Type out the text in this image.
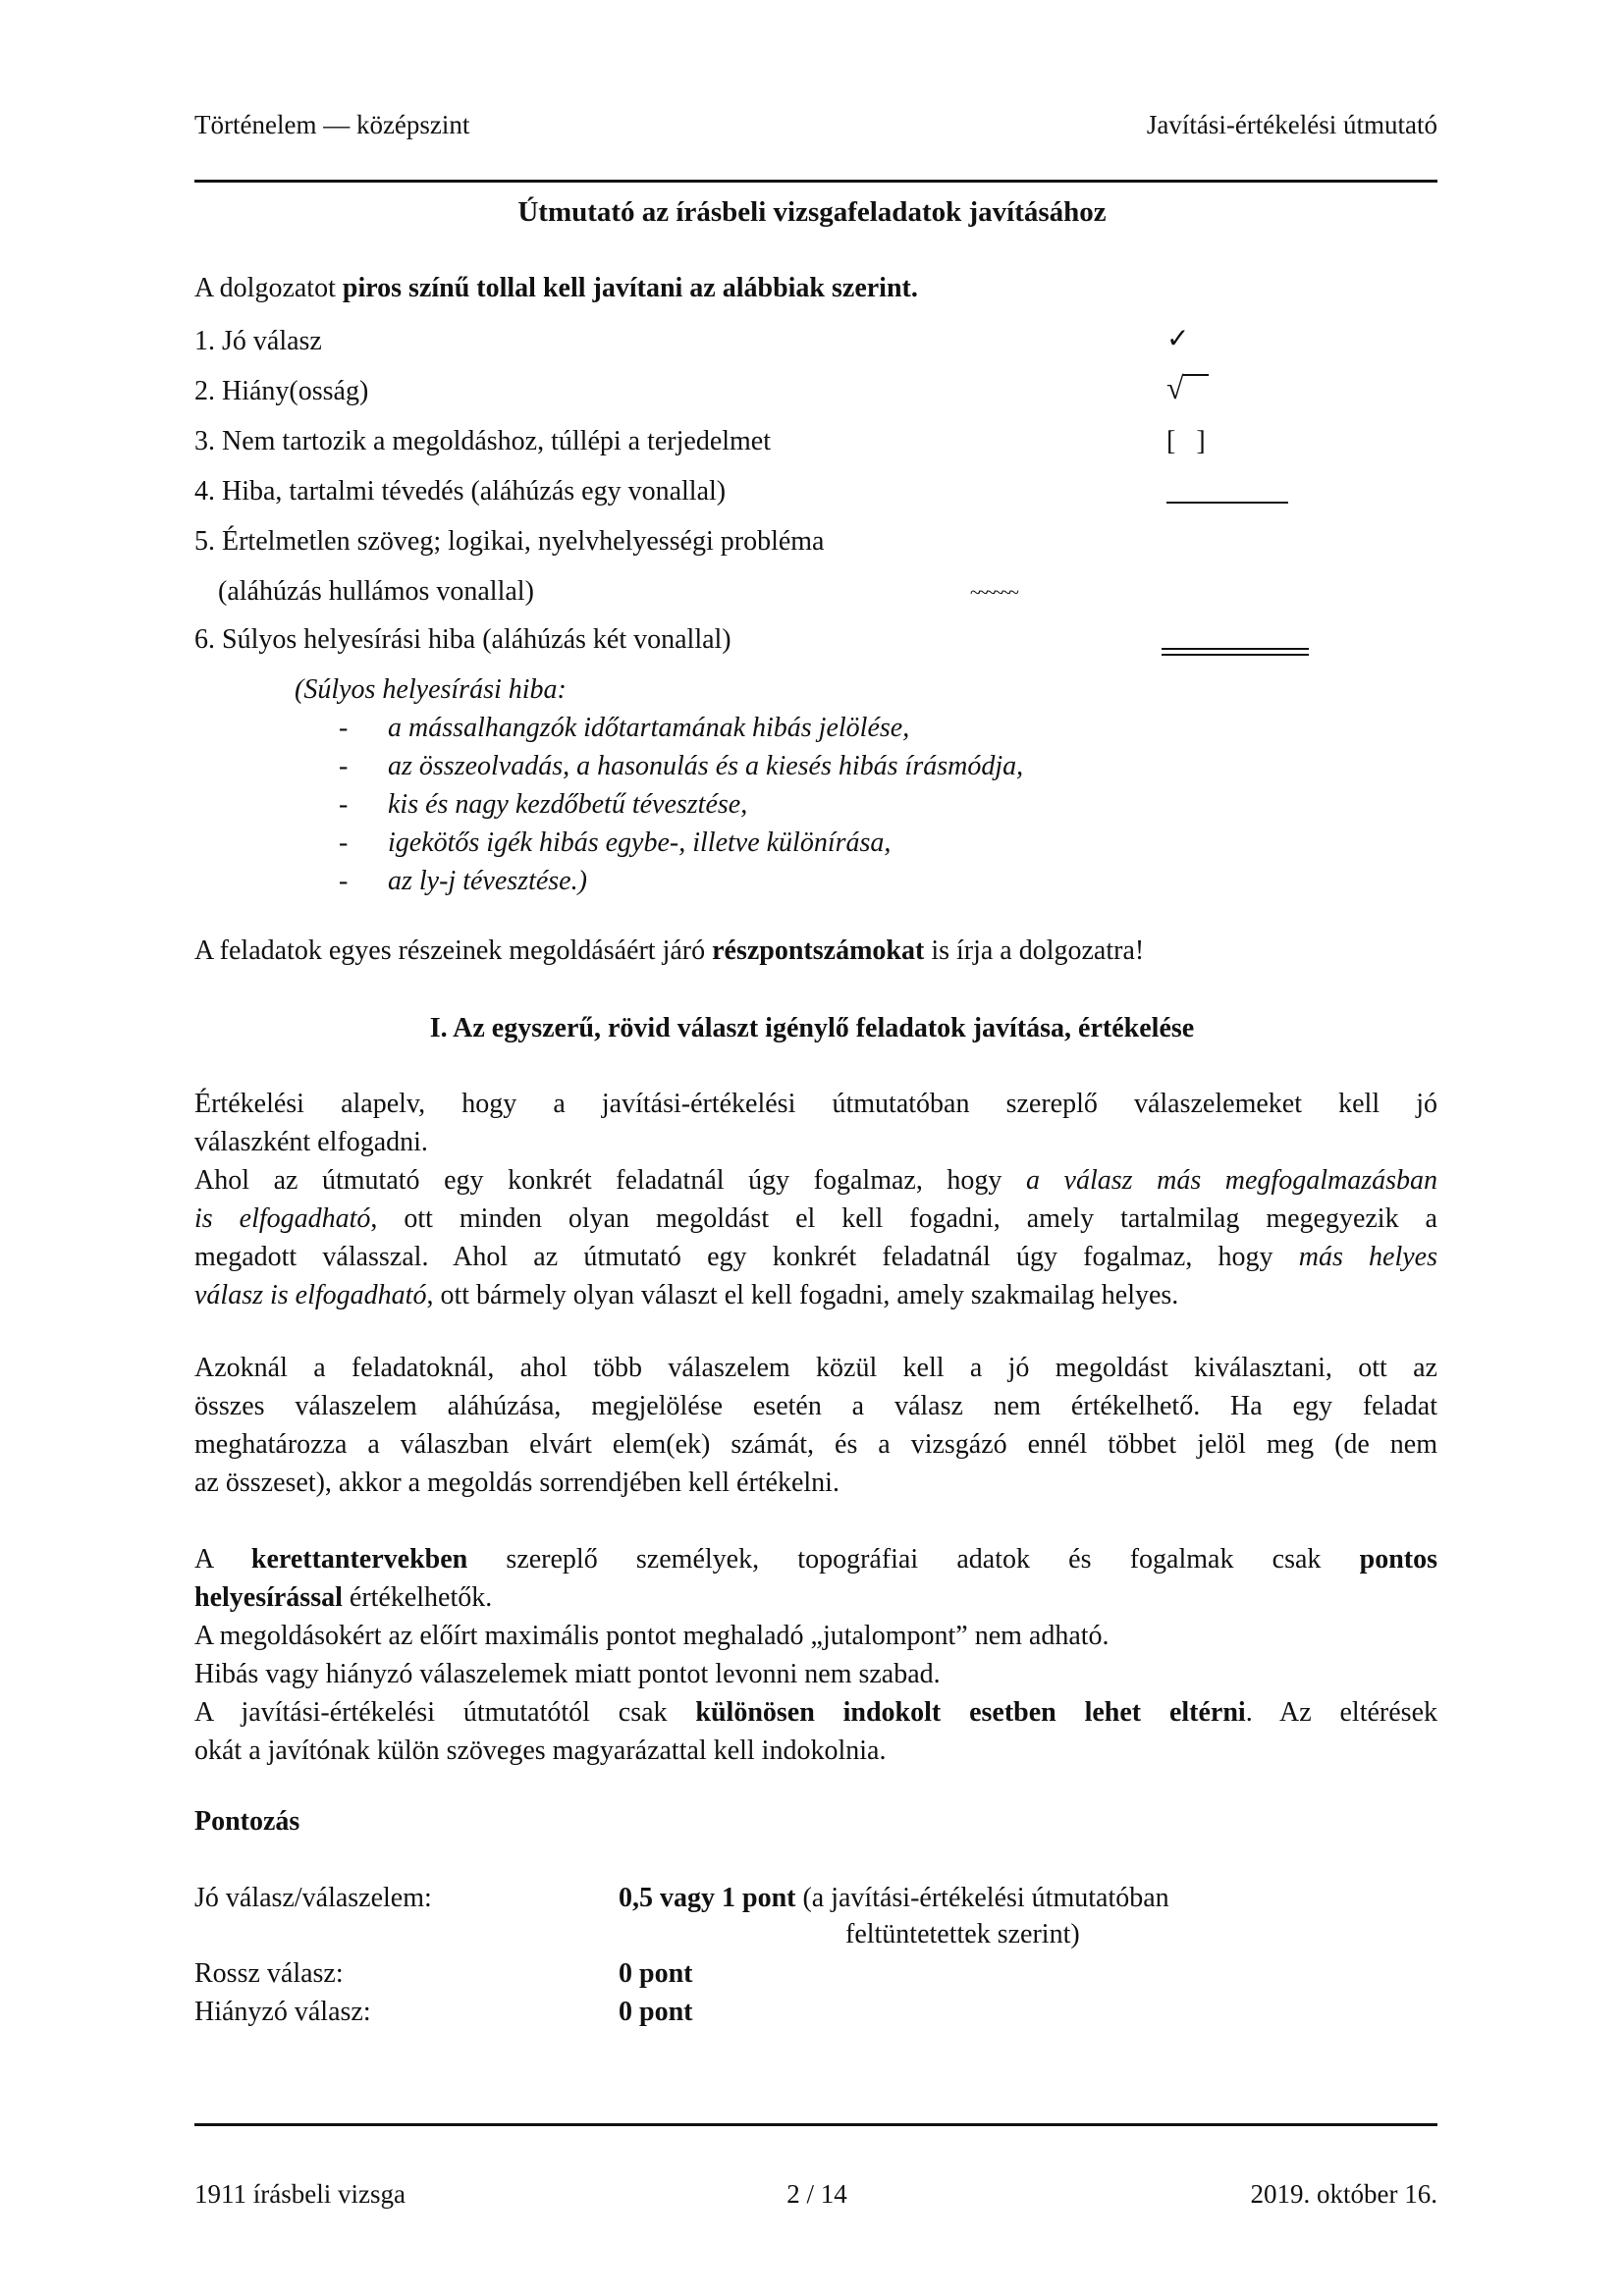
Történelem — középszint	Javítási-értékelési útmutató
Útmutató az írásbeli vizsgafeladatok javításához
A dolgozatot piros színű tollal kell javítani az alábbiak szerint.
1. Jó válasz	✓
2. Hiány(osság)	√
3. Nem tartozik a megoldáshoz, túllépi a terjedelmet	[   ]
4. Hiba, tartalmi tévedés (aláhúzás egy vonallal)
5. Értelmetlen szöveg; logikai, nyelvhelyességi probléma
(aláhúzás hullámos vonallal)	~~~~~~
6. Súlyos helyesírási hiba (aláhúzás két vonallal)
(Súlyos helyesírási hiba:
- a mássalhangzók időtartamának hibás jelölése,
- az összeolvadás, a hasonulás és a kiesés hibás írásmódja,
- kis és nagy kezdőbetű tévesztése,
- igekötős igék hibás egybe-, illetve különírása,
- az ly-j tévesztése.)
A feladatok egyes részeinek megoldásáért járó részpontszámokat is írja a dolgozatra!
I. Az egyszerű, rövid választ igénylő feladatok javítása, értékelése
Értékelési alapelv, hogy a javítási-értékelési útmutatóban szereplő válaszelemeket kell jó
válaszként elfogadni.
Ahol az útmutató egy konkrét feladatnál úgy fogalmaz, hogy a válasz más megfogalmazásban
is elfogadható, ott minden olyan megoldást el kell fogadni, amely tartalmilag megegyezik a
megadott válasszal. Ahol az útmutató egy konkrét feladatnál úgy fogalmaz, hogy más helyes
válasz is elfogadható, ott bármely olyan választ el kell fogadni, amely szakmailag helyes.
Azoknál a feladatoknál, ahol több válaszelem közül kell a jó megoldást kiválasztani, ott az
összes válaszelem aláhúzása, megjelölése esetén a válasz nem értékelhető. Ha egy feladat
meghatározza a válaszban elvárt elem(ek) számát, és a vizsgázó ennél többet jelöl meg (de nem
az összeset), akkor a megoldás sorrendjében kell értékelni.
A kerettantervekben szereplő személyek, topográfiai adatok és fogalmak csak pontos
helyesírással értékelhetők.
A megoldásokért az előírt maximális pontot meghaladó „jutalompont” nem adható.
Hibás vagy hiányzó válaszelemek miatt pontot levonni nem szabad.
A javítási-értékelési útmutatótól csak különösen indokolt esetben lehet eltérni. Az eltérések
okát a javítónak külön szöveges magyarázattal kell indokolnia.
Pontozás
Jó válasz/válaszelem:	0,5 vagy 1 pont (a javítási-értékelési útmutatóban
feltüntetettek szerint)
Rossz válasz:	0 pont
Hiányzó válasz:	0 pont
1911 írásbeli vizsga	2 / 14	2019. október 16.
